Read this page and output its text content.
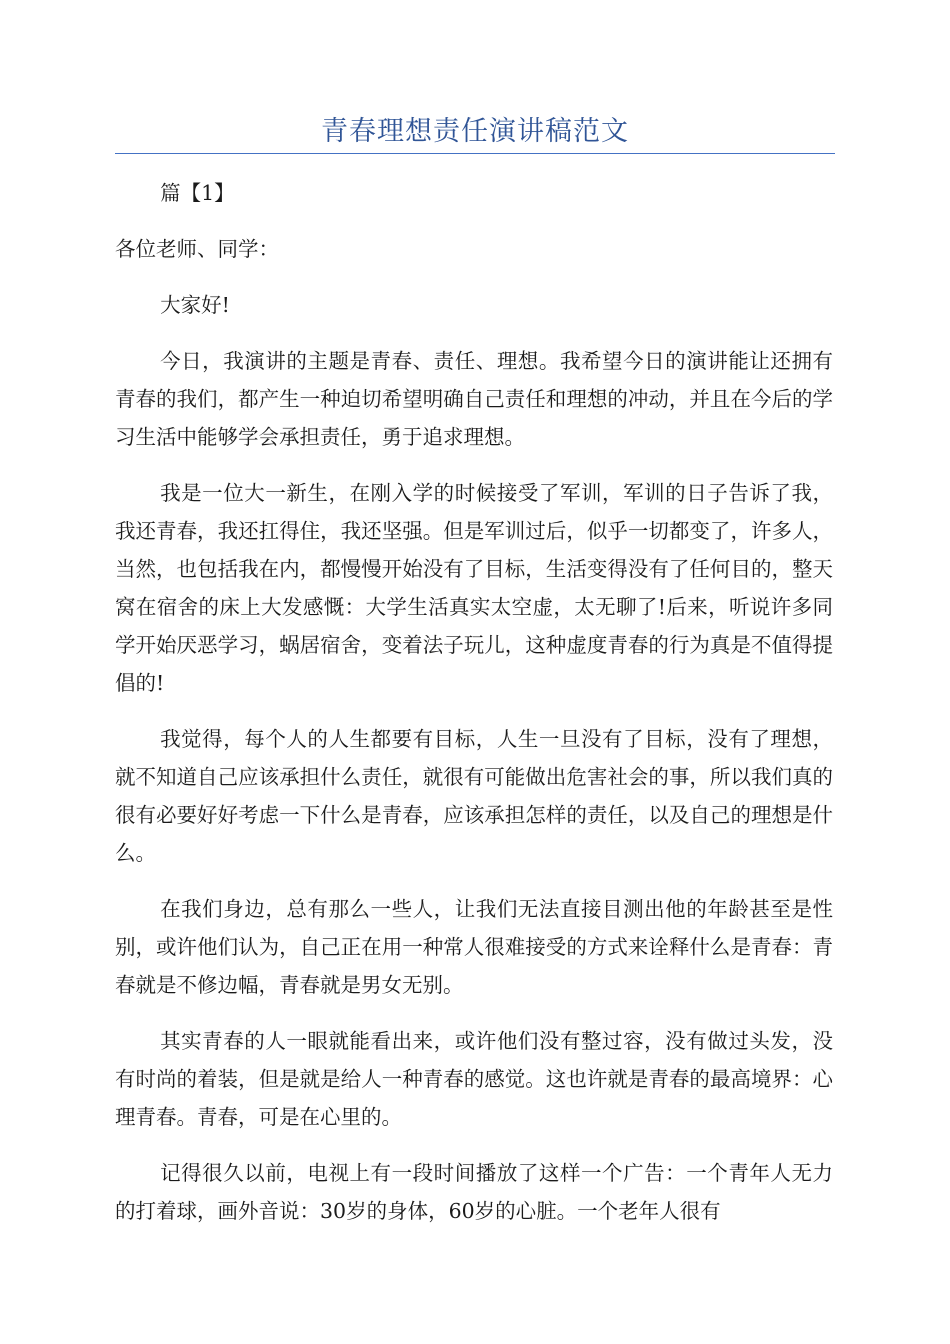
青春理想责任演讲稿范文

篇【1】

各位老师、同学：

大家好!

今日，我演讲的主题是青春、责任、理想。我希望今日的演讲能让还拥有青春的我们，都产生一种迫切希望明确自己责任和理想的冲动，并且在今后的学习生活中能够学会承担责任，勇于追求理想。

我是一位大一新生，在刚入学的时候接受了军训，军训的日子告诉了我，我还青春，我还扛得住，我还坚强。但是军训过后，似乎一切都变了，许多人，当然，也包括我在内，都慢慢开始没有了目标，生活变得没有了任何目的，整天窝在宿舍的床上大发感慨：大学生活真实太空虚，太无聊了!后来，听说许多同学开始厌恶学习，蜗居宿舍，变着法子玩儿，这种虚度青春的行为真是不值得提倡的!

我觉得，每个人的人生都要有目标，人生一旦没有了目标，没有了理想，就不知道自己应该承担什么责任，就很有可能做出危害社会的事，所以我们真的很有必要好好考虑一下什么是青春，应该承担怎样的责任，以及自己的理想是什么。

在我们身边，总有那么一些人，让我们无法直接目测出他的年龄甚至是性别，或许他们认为，自己正在用一种常人很难接受的方式来诠释什么是青春：青春就是不修边幅，青春就是男女无别。

其实青春的人一眼就能看出来，或许他们没有整过容，没有做过头发，没有时尚的着装，但是就是给人一种青春的感觉。这也许就是青春的最高境界：心理青春。青春，可是在心里的。

记得很久以前，电视上有一段时间播放了这样一个广告：一个青年人无力的打着球，画外音说：30岁的身体，60岁的心脏。一个老年人很有
